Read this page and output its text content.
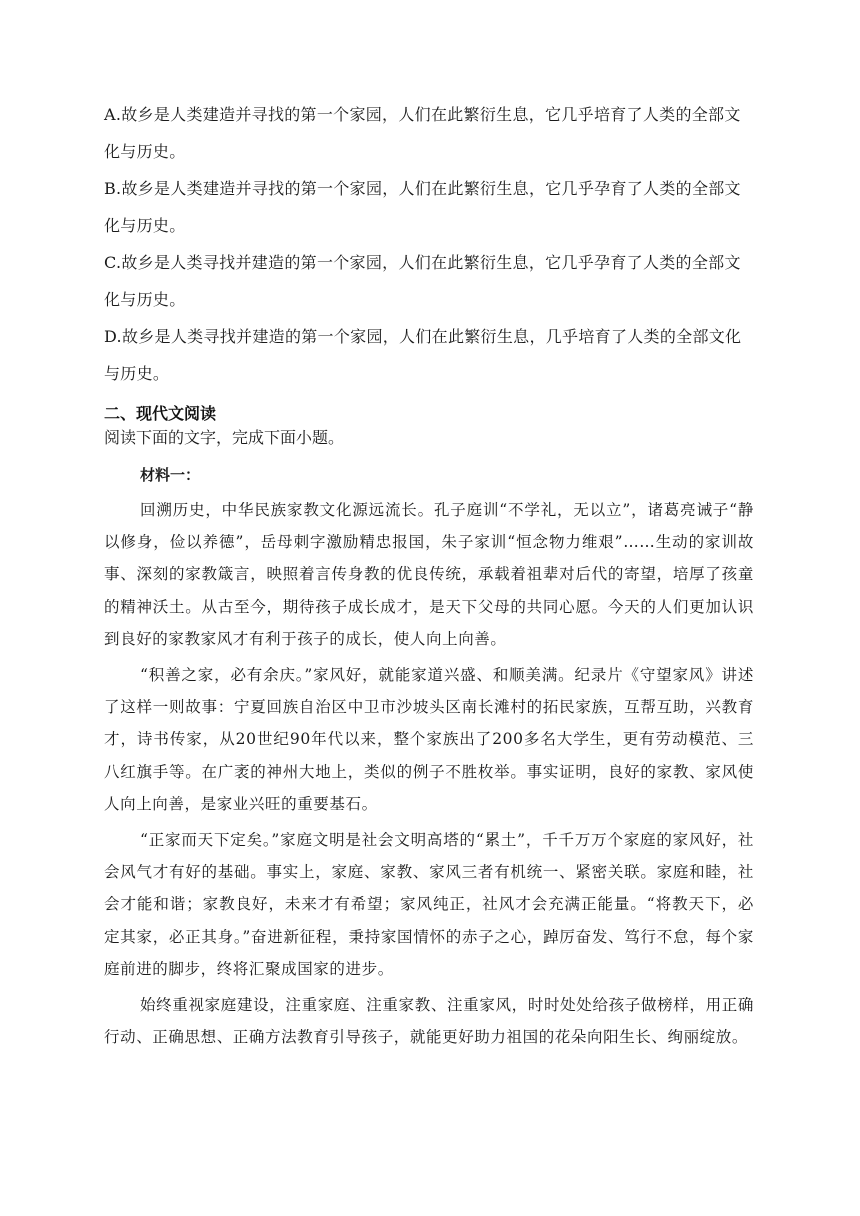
A.故乡是人类建造并寻找的第一个家园，人们在此繁衍生息，它几乎培育了人类的全部文化与历史。

B.故乡是人类建造并寻找的第一个家园，人们在此繁衍生息，它几乎孕育了人类的全部文化与历史。

C.故乡是人类寻找并建造的第一个家园，人们在此繁衍生息，它几乎孕育了人类的全部文化与历史。

D.故乡是人类寻找并建造的第一个家园，人们在此繁衍生息，几乎培育了人类的全部文化与历史。

二、现代文阅读

阅读下面的文字，完成下面小题。

材料一：

回溯历史，中华民族家教文化源远流长。孔子庭训“不学礼，无以立”，诸葛亮诫子“静以修身，俭以养德”，岳母刺字激励精忠报国，朱子家训“恒念物力维艰”……生动的家训故事、深刻的家教箴言，映照着言传身教的优良传统，承载着祖辈对后代的寄望，培厚了孩童的精神沃土。从古至今，期待孩子成长成才，是天下父母的共同心愿。今天的人们更加认识到良好的家教家风才有利于孩子的成长，使人向上向善。

“积善之家，必有余庆。”家风好，就能家道兴盛、和顺美满。纪录片《守望家风》讲述了这样一则故事：宁夏回族自治区中卫市沙坡头区南长滩村的拓民家族，互帮互助，兴教育才，诗书传家，从20世纪90年代以来，整个家族出了200多名大学生，更有劳动模范、三八红旗手等。在广袤的神州大地上，类似的例子不胜枚举。事实证明，良好的家教、家风使人向上向善，是家业兴旺的重要基石。

“正家而天下定矣。”家庭文明是社会文明高塔的“累土”，千千万万个家庭的家风好，社会风气才有好的基础。事实上，家庭、家教、家风三者有机统一、紧密关联。家庭和睦，社会才能和谐；家教良好，未来才有希望；家风纯正，社风才会充满正能量。“将教天下，必定其家，必正其身。”奋进新征程，秉持家国情怀的赤子之心，踔厉奋发、笃行不怠，每个家庭前进的脚步，终将汇聚成国家的进步。

始终重视家庭建设，注重家庭、注重家教、注重家风，时时处处给孩子做榜样，用正确行动、正确思想、正确方法教育引导孩子，就能更好助力祖国的花朵向阳生长、绚丽绽放。
